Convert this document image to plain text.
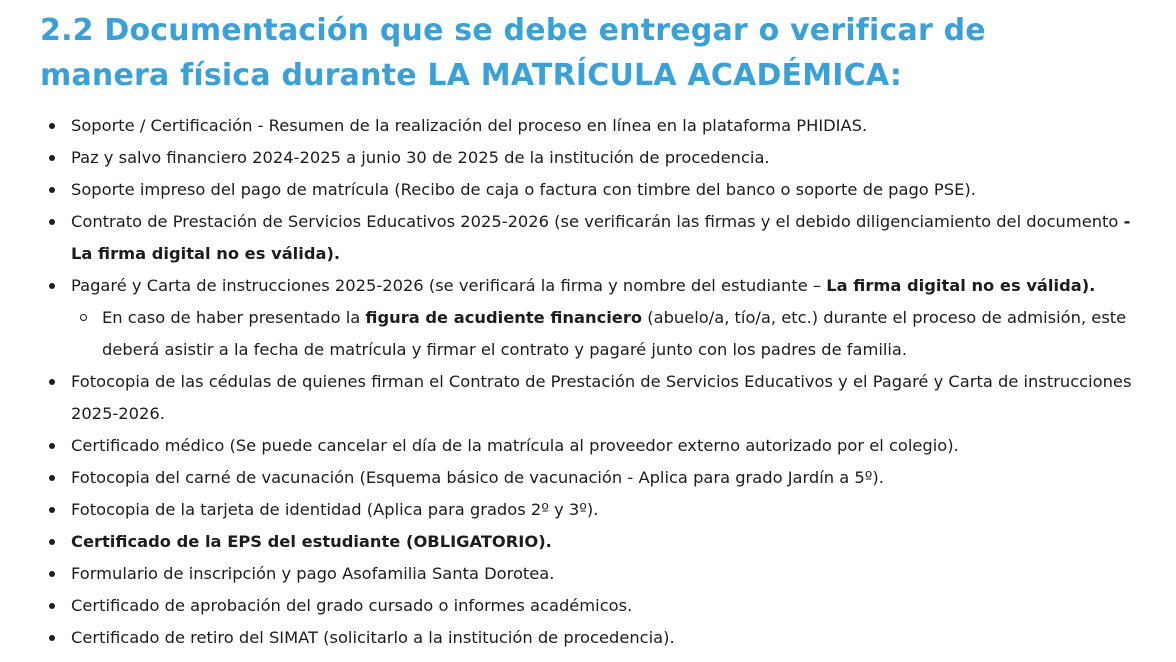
2.2 Documentación que se debe entregar o verificar de
manera física durante LA MATRÍCULA ACADÉMICA:
Soporte / Certificación - Resumen de la realización del proceso en línea en la plataforma PHIDIAS.
Paz y salvo financiero 2024-2025 a junio 30 de 2025 de la institución de procedencia.
Soporte impreso del pago de matrícula (Recibo de caja o factura con timbre del banco o soporte de pago PSE).
Contrato de Prestación de Servicios Educativos 2025-2026 (se verificarán las firmas y el debido diligenciamiento del documento - La firma digital no es válida).
Pagaré y Carta de instrucciones 2025-2026 (se verificará la firma y nombre del estudiante – La firma digital no es válida).
En caso de haber presentado la figura de acudiente financiero (abuelo/a, tío/a, etc.) durante el proceso de admisión, este deberá asistir a la fecha de matrícula y firmar el contrato y pagaré junto con los padres de familia.
Fotocopia de las cédulas de quienes firman el Contrato de Prestación de Servicios Educativos y el Pagaré y Carta de instrucciones 2025-2026.
Certificado médico (Se puede cancelar el día de la matrícula al proveedor externo autorizado por el colegio).
Fotocopia del carné de vacunación (Esquema básico de vacunación - Aplica para grado Jardín a 5º).
Fotocopia de la tarjeta de identidad (Aplica para grados 2º y 3º).
Certificado de la EPS del estudiante (OBLIGATORIO).
Formulario de inscripción y pago Asofamilia Santa Dorotea.
Certificado de aprobación del grado cursado o informes académicos.
Certificado de retiro del SIMAT (solicitarlo a la institución de procedencia).
